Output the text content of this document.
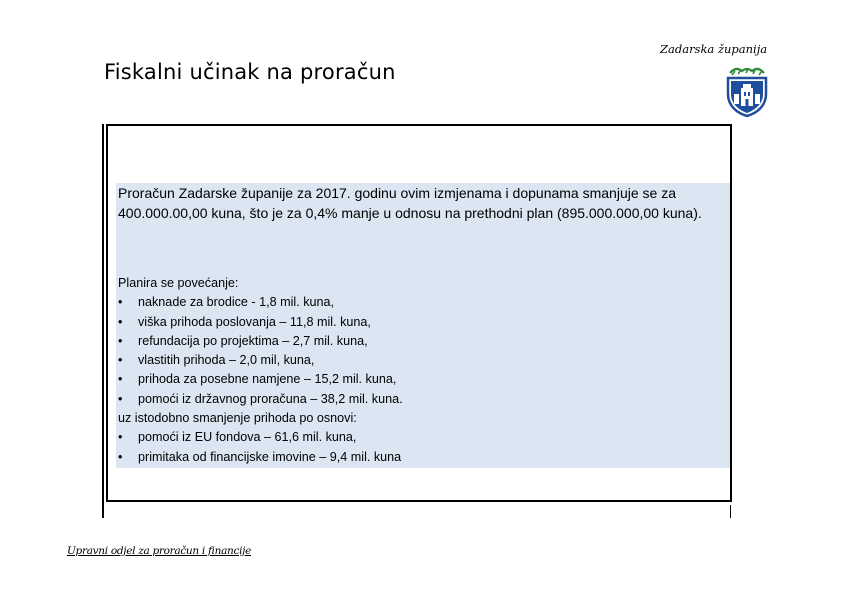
Fiskalni učinak na proračun
Zadarska županija

Proračun Zadarske županije za 2017. godinu ovim izmjenama i dopunama smanjuje se za 400.000.00,00 kuna, što je za 0,4% manje u odnosu na prethodni plan (895.000.000,00 kuna).

Planira se povećanje:
• naknade za brodice - 1,8 mil. kuna,
• viška prihoda poslovanja – 11,8 mil. kuna,
• refundacija po projektima – 2,7 mil. kuna,
• vlastitih prihoda – 2,0 mil, kuna,
• prihoda za posebne namjene – 15,2 mil. kuna,
• pomoći iz državnog proračuna – 38,2 mil. kuna.
uz istodobno smanjenje prihoda po osnovi:
• pomoći iz EU fondova – 61,6 mil. kuna,
• primitaka od financijske imovine – 9,4 mil. kuna
Upravni odjel za proračun i financije
